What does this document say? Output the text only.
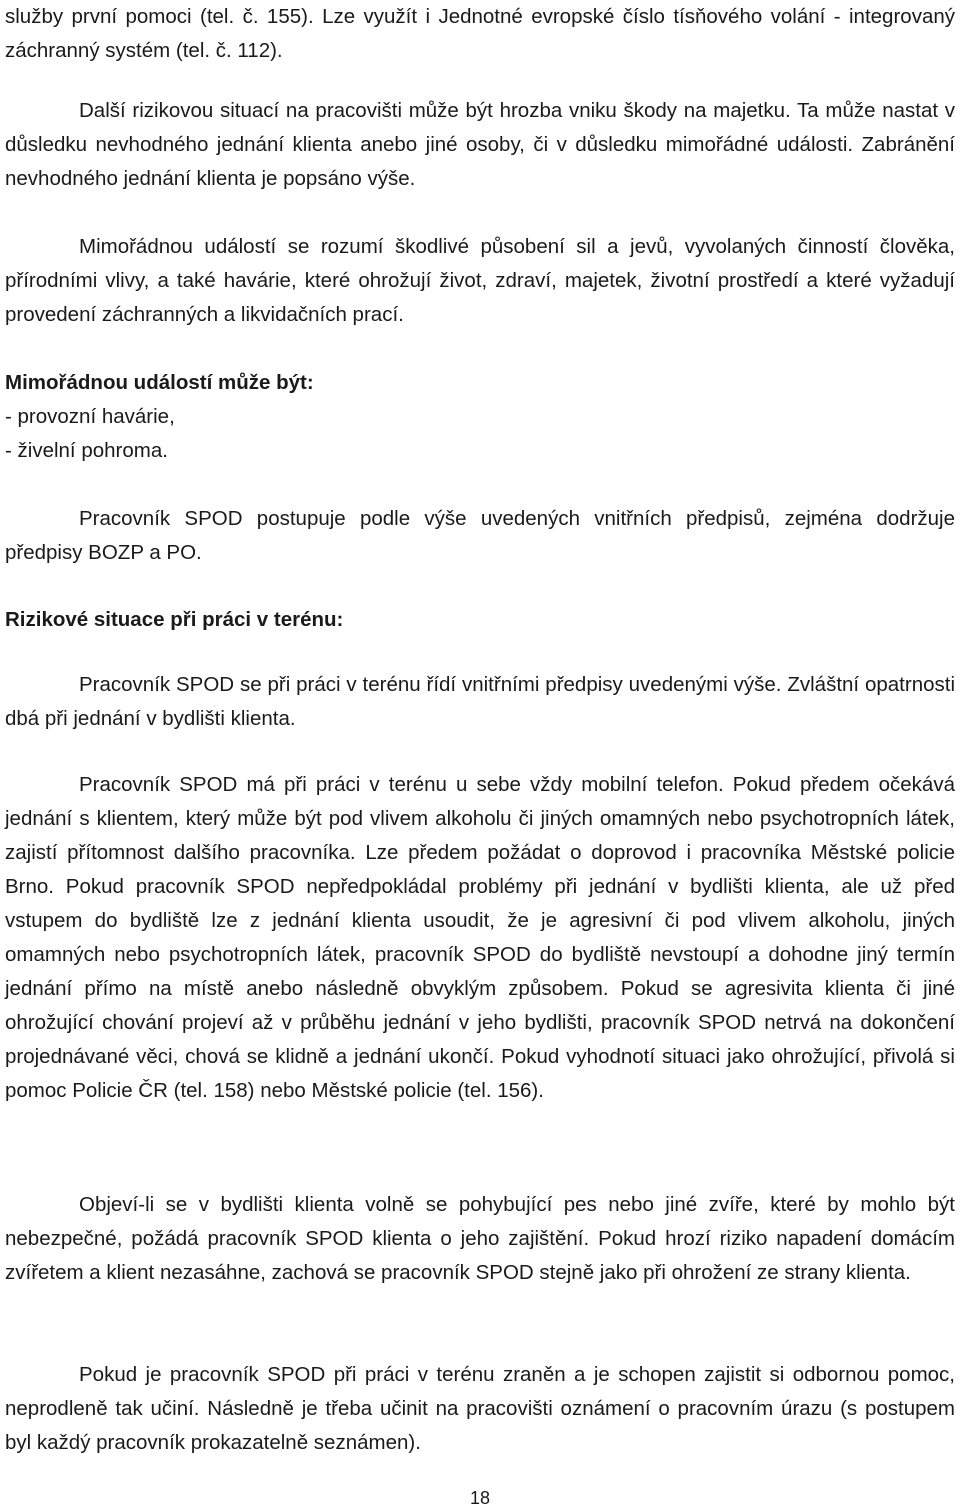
služby první pomoci (tel. č. 155). Lze využít i Jednotné evropské číslo tísňového volání - integrovaný záchranný systém (tel. č. 112).

Další rizikovou situací na pracovišti může být hrozba vniku škody na majetku. Ta může nastat v důsledku nevhodného jednání klienta anebo jiné osoby, či v důsledku mimořádné události. Zabránění nevhodného jednání klienta je popsáno výše.

Mimořádnou událostí se rozumí škodlivé působení sil a jevů, vyvolaných činností člověka, přírodními vlivy, a také havárie, které ohrožují život, zdraví, majetek, životní prostředí a které vyžadují provedení záchranných a likvidačních prací.

Mimořádnou událostí může být:

- provozní havárie,

- živelní pohroma.

Pracovník SPOD postupuje podle výše uvedených vnitřních předpisů, zejména dodržuje předpisy BOZP a PO.

Rizikové situace při práci v terénu:

Pracovník SPOD se při práci v terénu řídí vnitřními předpisy uvedenými výše. Zvláštní opatrnosti dbá při jednání v bydlišti klienta.

Pracovník SPOD má při práci v terénu u sebe vždy mobilní telefon. Pokud předem očekává jednání s klientem, který může být pod vlivem alkoholu či jiných omamných nebo psychotropních látek, zajistí přítomnost dalšího pracovníka. Lze předem požádat o doprovod i pracovníka Městské policie Brno. Pokud pracovník SPOD nepředpokládal problémy při jednání v bydlišti klienta, ale už před vstupem do bydliště lze z jednání klienta usoudit, že je agresivní či pod vlivem alkoholu, jiných omamných nebo psychotropních látek, pracovník SPOD do bydliště nevstoupí a dohodne jiný termín jednání přímo na místě anebo následně obvyklým způsobem. Pokud se agresivita klienta či jiné ohrožující chování projeví až v průběhu jednání v jeho bydlišti, pracovník SPOD netrvá na dokončení projednávané věci, chová se klidně a jednání ukončí. Pokud vyhodnotí situaci jako ohrožující, přivolá si pomoc Policie ČR (tel. 158) nebo Městské policie (tel. 156).

Objeví-li se v bydlišti klienta volně se pohybující pes nebo jiné zvíře, které by mohlo být nebezpečné, požádá pracovník SPOD klienta o jeho zajištění. Pokud hrozí riziko napadení domácím zvířetem a klient nezasáhne, zachová se pracovník SPOD stejně jako při ohrožení ze strany klienta.

Pokud je pracovník SPOD při práci v terénu zraněn a je schopen zajistit si odbornou pomoc, neprodleně tak učiní. Následně je třeba učinit na pracovišti oznámení o pracovním úrazu (s postupem byl každý pracovník prokazatelně seznámen).

18
